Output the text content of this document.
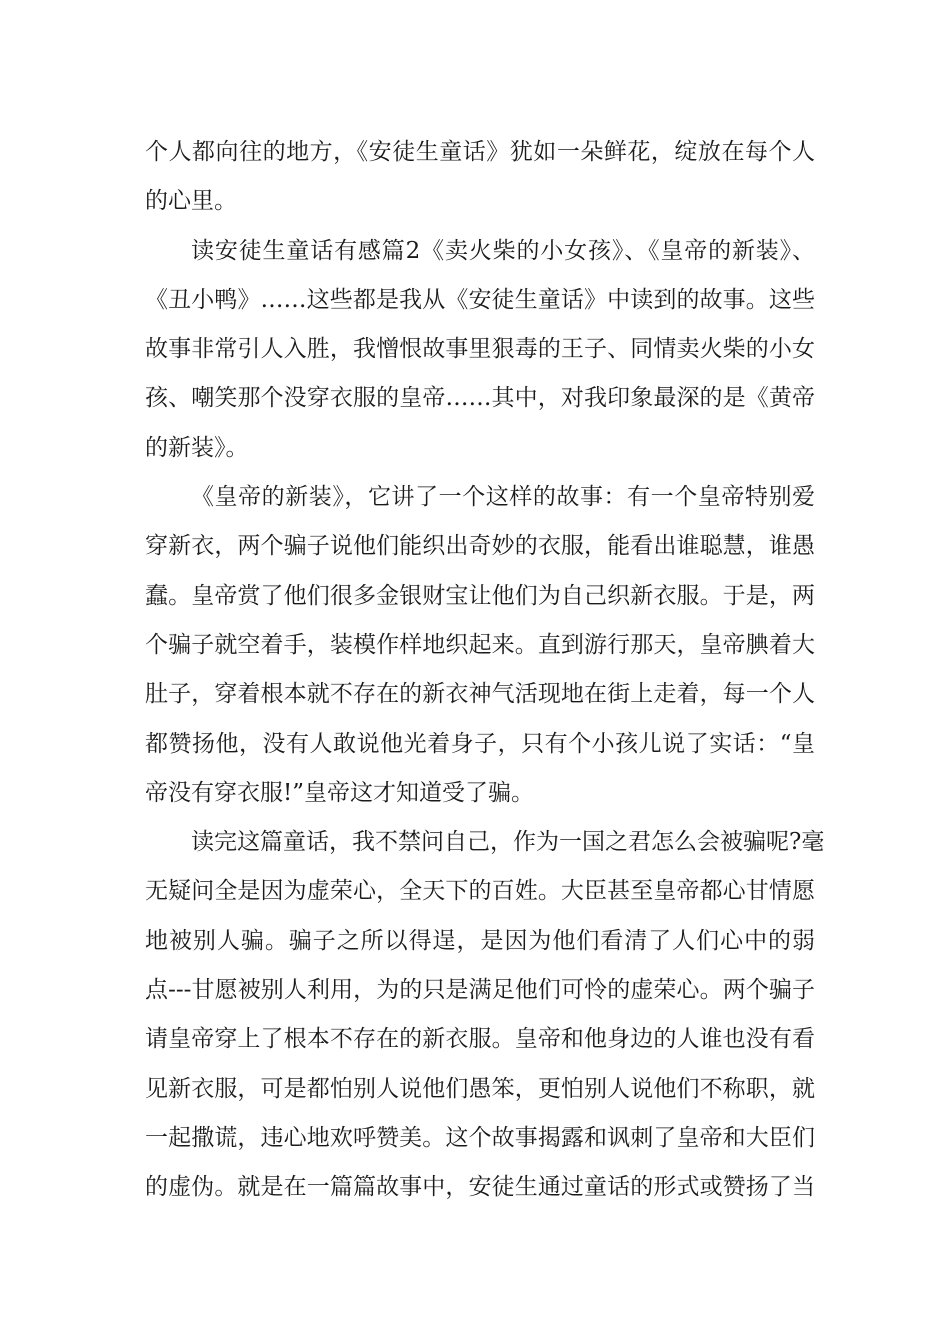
个人都向往的地方，《安徒生童话》犹如一朵鲜花，绽放在每个人
的心里。
读安徒生童话有感篇2《卖火柴的小女孩》、《皇帝的新装》、
《丑小鸭》……这些都是我从《安徒生童话》中读到的故事。这些
故事非常引人入胜，我憎恨故事里狠毒的王子、同情卖火柴的小女
孩、嘲笑那个没穿衣服的皇帝……其中，对我印象最深的是《黄帝
的新装》。
《皇帝的新装》，它讲了一个这样的故事：有一个皇帝特别爱
穿新衣，两个骗子说他们能织出奇妙的衣服，能看出谁聪慧，谁愚
蠢。皇帝赏了他们很多金银财宝让他们为自己织新衣服。于是，两
个骗子就空着手，装模作样地织起来。直到游行那天，皇帝腆着大
肚子，穿着根本就不存在的新衣神气活现地在街上走着，每一个人
都赞扬他，没有人敢说他光着身子，只有个小孩儿说了实话：“皇
帝没有穿衣服!”皇帝这才知道受了骗。
读完这篇童话，我不禁问自己，作为一国之君怎么会被骗呢?毫
无疑问全是因为虚荣心，全天下的百姓。大臣甚至皇帝都心甘情愿
地被别人骗。骗子之所以得逞，是因为他们看清了人们心中的弱
点---甘愿被别人利用，为的只是满足他们可怜的虚荣心。两个骗子
请皇帝穿上了根本不存在的新衣服。皇帝和他身边的人谁也没有看
见新衣服，可是都怕别人说他们愚笨，更怕别人说他们不称职，就
一起撒谎，违心地欢呼赞美。这个故事揭露和讽刺了皇帝和大臣们
的虚伪。就是在一篇篇故事中，安徒生通过童话的形式或赞扬了当
